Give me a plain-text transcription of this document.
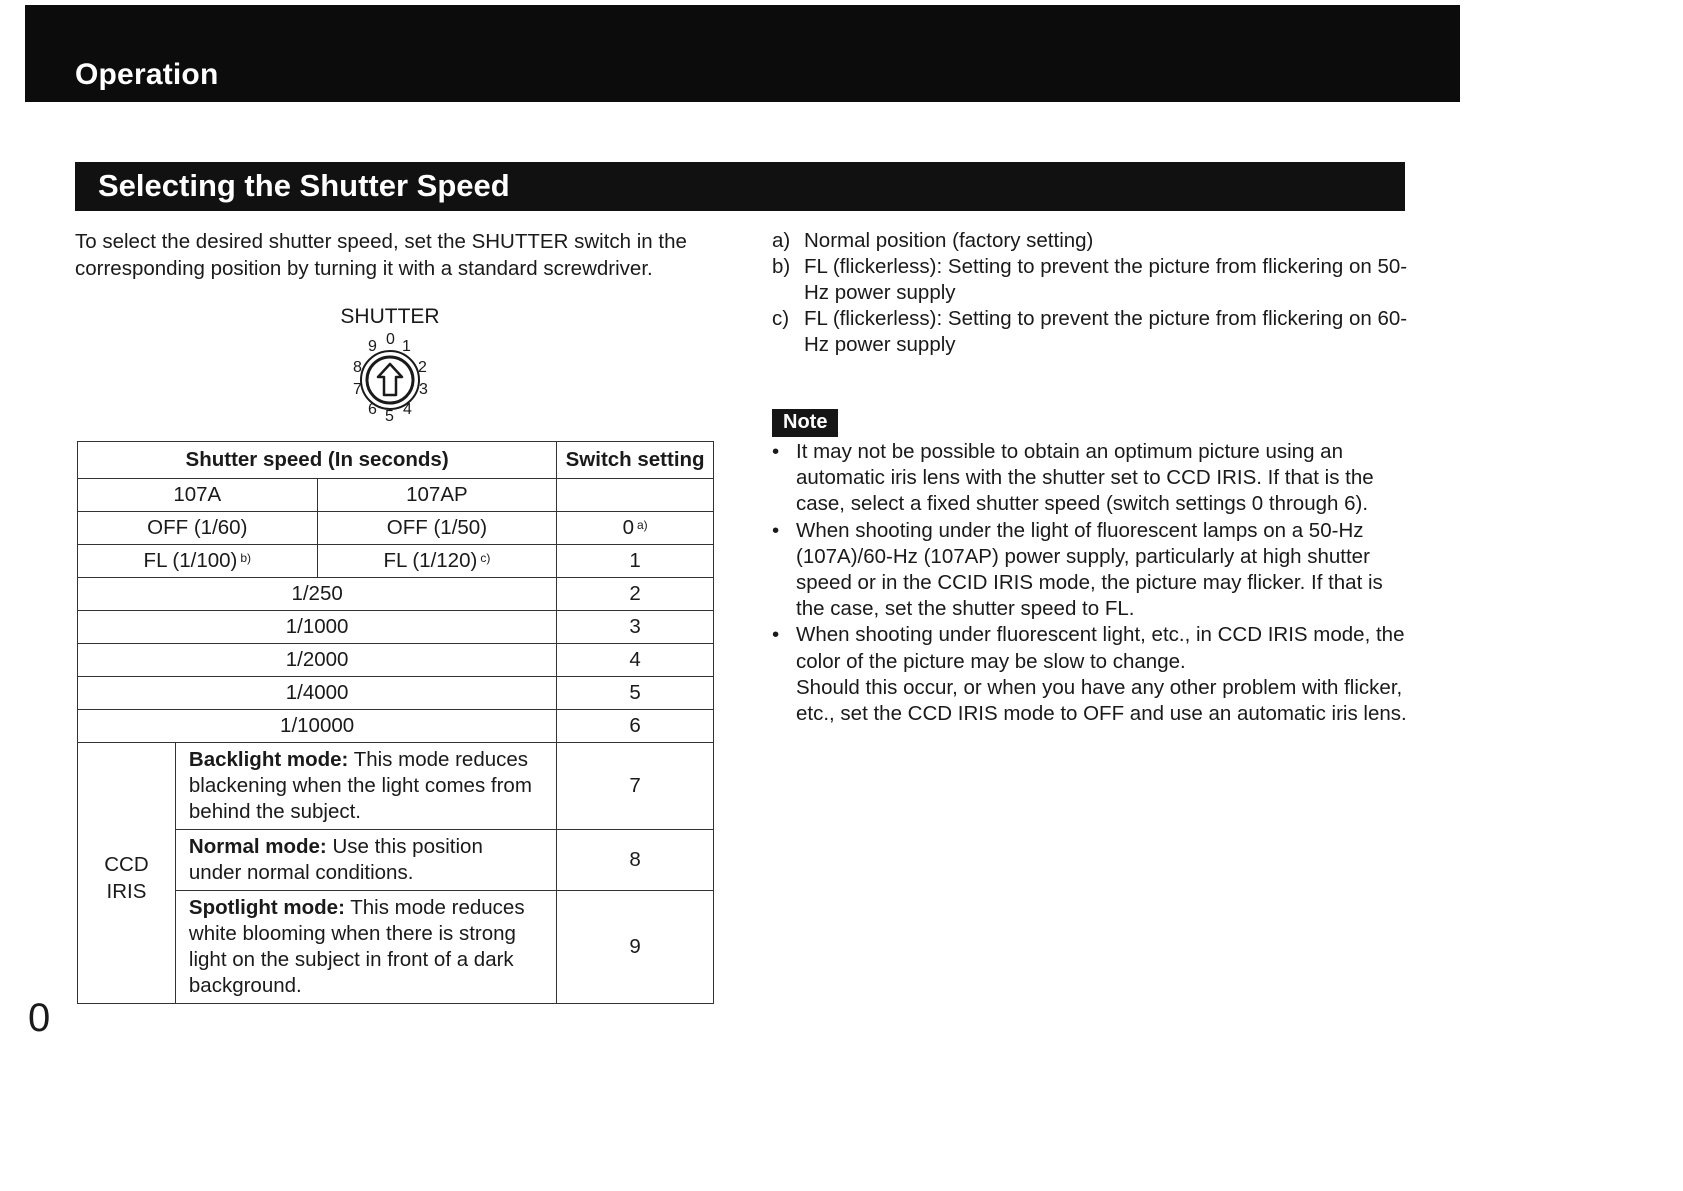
Operation
Selecting the Shutter Speed
To select the desired shutter speed, set the SHUTTER switch in the corresponding position by turning it with a standard screwdriver.
SHUTTER
0 1
2
3
4
5
6
7
8
9
Shutter speed (In seconds)			Switch setting
107A		107AP	
OFF (1/60)		OFF (1/50)	0 $^{a)}$
FL (1/100) $^{b)}$		FL (1/120) $^{c)}$	1
1/250			2
1/1000			3
1/2000			4
1/4000			5
1/10000			6
CCD IRIS	Backlight mode: This mode reduces blackening when the light comes from behind the subject.		7
	Normal mode: Use this position under normal conditions.		8
	Spotlight mode: This mode reduces white blooming when there is strong light on the subject in front of a dark background.		9
a) Normal position (factory setting)
b) FL (flickerless): Setting to prevent the picture from flickering on 50-Hz power supply
c) FL (flickerless): Setting to prevent the picture from flickering on 60-Hz power supply
Note
• It may not be possible to obtain an optimum picture using an automatic iris lens with the shutter set to CCD IRIS. If that is the case, select a fixed shutter speed (switch settings 0 through 6).
• When shooting under the light of fluorescent lamps on a 50-Hz (107A)/60-Hz (107AP) power supply, particularly at high shutter speed or in the CCID IRIS mode, the picture may flicker. If that is the case, set the shutter speed to FL.
• When shooting under fluorescent light, etc., in CCD IRIS mode, the color of the picture may be slow to change.
Should this occur, or when you have any other problem with flicker, etc., set the CCD IRIS mode to OFF and use an automatic iris lens.
0
